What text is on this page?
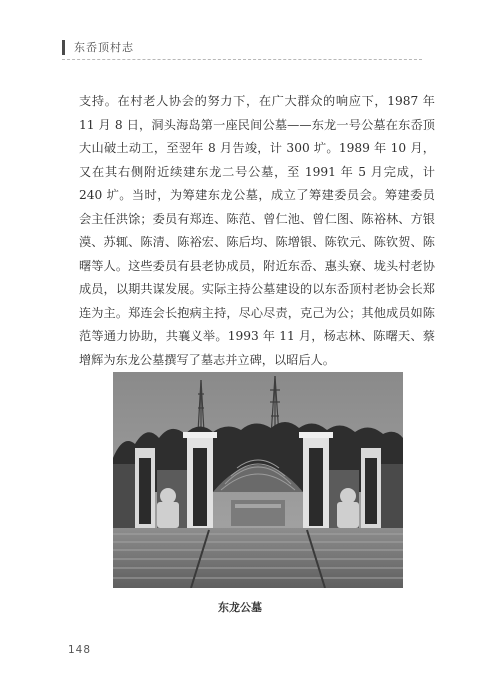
东岙顶村志

支持。在村老人协会的努力下，在广大群众的响应下，1987 年 11 月 8 日，洞头海岛第一座民间公墓——东龙一号公墓在东岙顶大山破土动工，至翌年 8 月告竣，计 300 圹。1989 年 10 月，又在其右侧附近续建东龙二号公墓，至 1991 年 5 月完成，计 240 圹。当时，为筹建东龙公墓，成立了筹建委员会。筹建委员会主任洪馀；委员有郑连、陈范、曾仁池、曾仁图、陈裕林、方银漠、苏辄、陈清、陈裕宏、陈后均、陈增银、陈钦元、陈钦贺、陈曙等人。这些委员有县老协成员，附近东岙、惠头寮、垅头村老协成员，以期共谋发展。实际主持公墓建设的以东岙顶村老协会长郑连为主。郑连会长抱病主持，尽心尽责，克己为公；其他成员如陈范等通力协助，共襄义举。1993 年 11 月，杨志林、陈曙天、蔡增辉为东龙公墓撰写了墓志并立碑，以昭后人。

东龙公墓
148
